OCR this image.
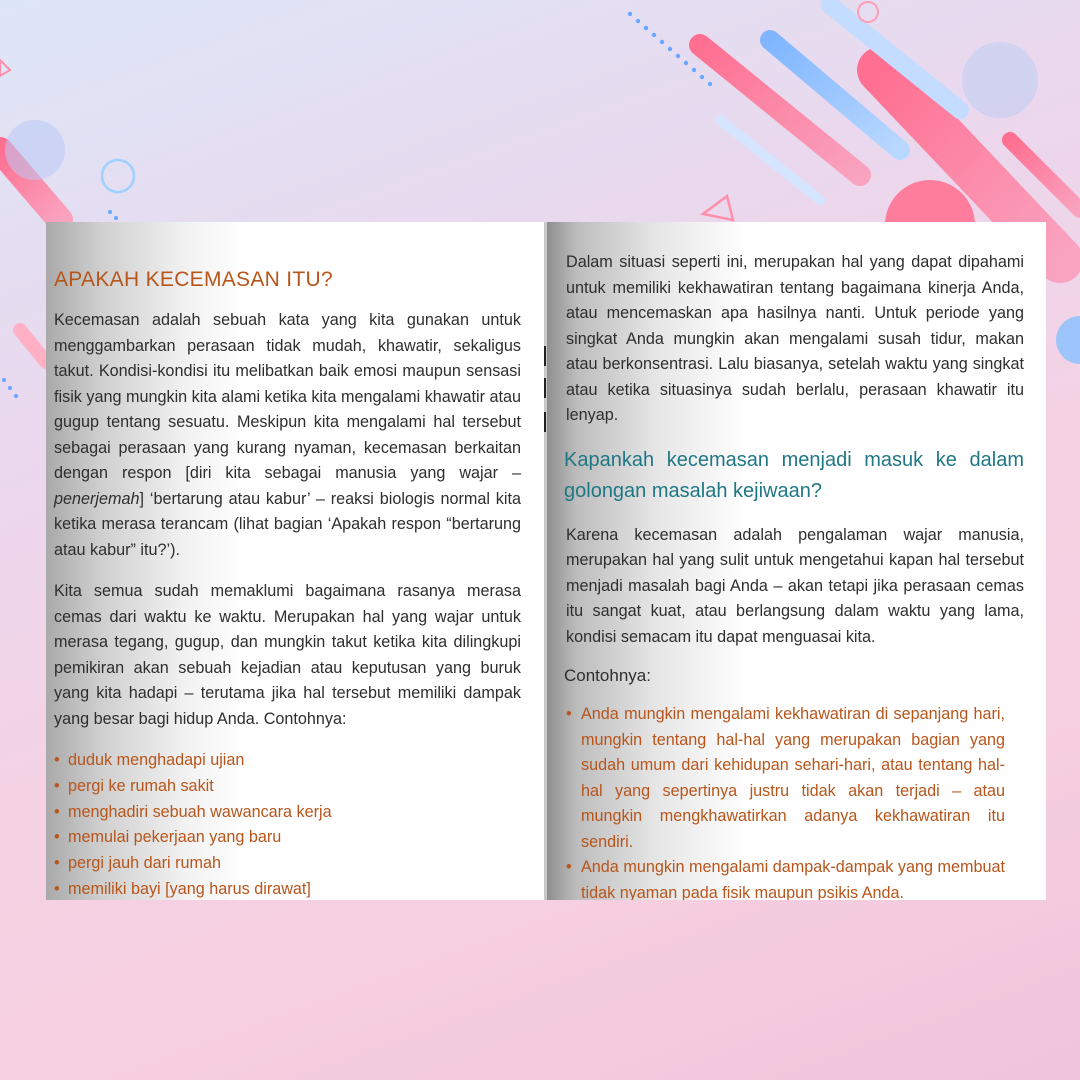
APAKAH KECEMASAN ITU?

Kecemasan adalah sebuah kata yang kita gunakan untuk menggambarkan perasaan tidak mudah, khawatir, sekaligus takut. Kondisi-kondisi itu melibatkan baik emosi maupun sensasi fisik yang mungkin kita alami ketika kita mengalami khawatir atau gugup tentang sesuatu. Meskipun kita mengalami hal tersebut sebagai perasaan yang kurang nyaman, kecemasan berkaitan dengan respon [diri kita sebagai manusia yang wajar – penerjemah] ‘bertarung atau kabur’ – reaksi biologis normal kita ketika merasa terancam (lihat bagian ‘Apakah respon “bertarung atau kabur” itu?’).

Kita semua sudah memaklumi bagaimana rasanya merasa cemas dari waktu ke waktu. Merupakan hal yang wajar untuk merasa tegang, gugup, dan mungkin takut ketika kita dilingkupi pemikiran akan sebuah kejadian atau keputusan yang buruk yang kita hadapi – terutama jika hal tersebut memiliki dampak yang besar bagi hidup Anda. Contohnya:

• duduk menghadapi ujian
• pergi ke rumah sakit
• menghadiri sebuah wawancara kerja
• memulai pekerjaan yang baru
• pergi jauh dari rumah
• memiliki bayi [yang harus dirawat]

Dalam situasi seperti ini, merupakan hal yang dapat dipahami untuk memiliki kekhawatiran tentang bagaimana kinerja Anda, atau mencemaskan apa hasilnya nanti. Untuk periode yang singkat Anda mungkin akan mengalami susah tidur, makan atau berkonsentrasi. Lalu biasanya, setelah waktu yang singkat atau ketika situasinya sudah berlalu, perasaan khawatir itu lenyap.

Kapankah kecemasan menjadi masuk ke dalam golongan masalah kejiwaan?

Karena kecemasan adalah pengalaman wajar manusia, merupakan hal yang sulit untuk mengetahui kapan hal tersebut menjadi masalah bagi Anda – akan tetapi jika perasaan cemas itu sangat kuat, atau berlangsung dalam waktu yang lama, kondisi semacam itu dapat menguasai kita.

Contohnya:
• Anda mungkin mengalami kekhawatiran di sepanjang hari, mungkin tentang hal-hal yang merupakan bagian yang sudah umum dari kehidupan sehari-hari, atau tentang hal-hal yang sepertinya justru tidak akan terjadi – atau mungkin mengkhawatirkan adanya kekhawatiran itu sendiri.
• Anda mungkin mengalami dampak-dampak yang membuat tidak nyaman pada fisik maupun psikis Anda.
